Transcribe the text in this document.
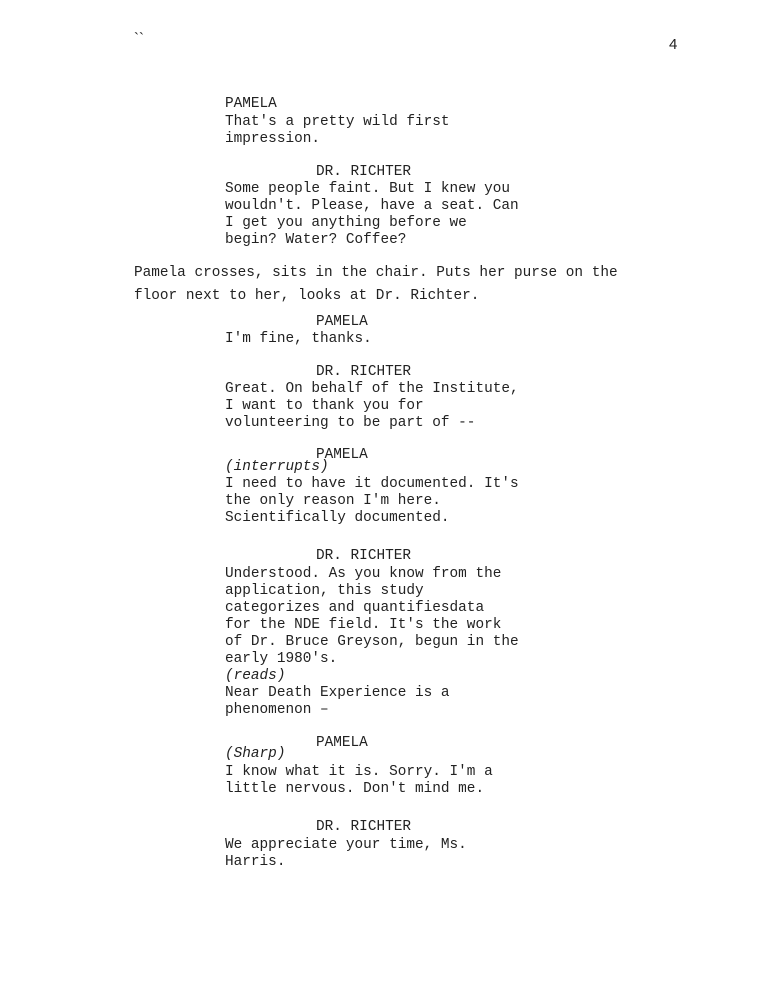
``	4
PAMELA
That's a pretty wild first
impression.
DR. RICHTER
Some people faint. But I knew you
wouldn't. Please, have a seat. Can
I get you anything before we
begin? Water? Coffee?
Pamela crosses, sits in the chair. Puts her purse on the
floor next to her, looks at Dr. Richter.
PAMELA
I'm fine, thanks.
DR. RICHTER
Great. On behalf of the Institute,
I want to thank you for
volunteering to be part of --
PAMELA
(interrupts)
I need to have it documented. It's
the only reason I'm here.
Scientifically documented.
DR. RICHTER
Understood. As you know from the
application, this study
categorizes and quantifiesdata
for the NDE field. It's the work
of Dr. Bruce Greyson, begun in the
early 1980's.
(reads)
Near Death Experience is a
phenomenon –
PAMELA
(Sharp)
I know what it is. Sorry. I'm a
little nervous. Don't mind me.
DR. RICHTER
We appreciate your time, Ms.
Harris.
